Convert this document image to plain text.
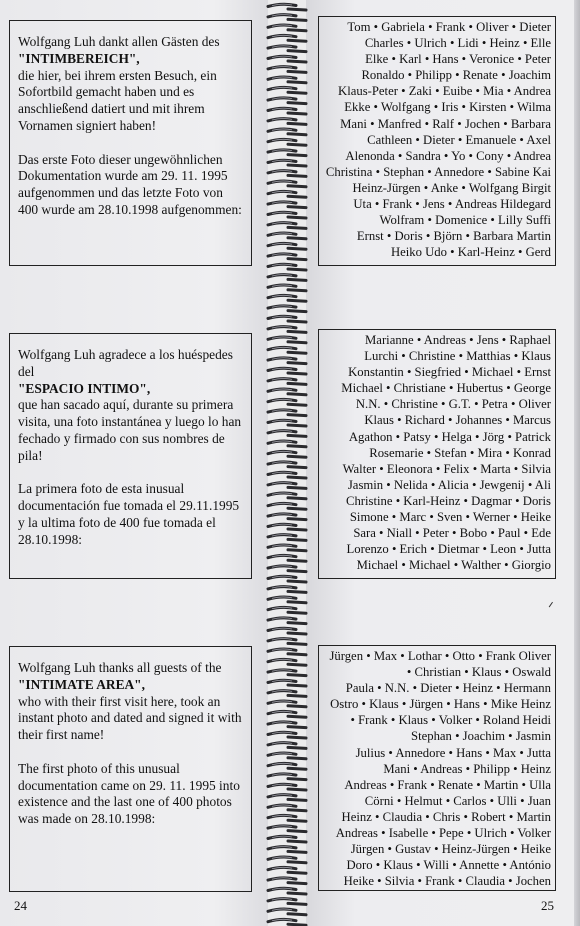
Wolfgang Luh dankt allen Gästen des
"INTIMBEREICH",
die hier, bei ihrem ersten Besuch, ein Sofortbild gemacht haben und es anschließend datiert und mit ihrem Vornamen signiert haben!

Das erste Foto dieser ungewöhnlichen Dokumentation wurde am 29. 11. 1995 aufgenommen und das letzte Foto von 400 wurde am 28.10.1998 aufgenommen:

Wolfgang Luh agradece a los huéspedes del
"ESPACIO INTIMO",
que han sacado aquí, durante su primera visita, una foto instantánea y luego lo han fechado y firmado con sus nombres de pila!

La primera foto de esta inusual documentación fue tomada el 29.11.1995 y la ultima foto de 400 fue tomada el 28.10.1998:

Wolfgang Luh thanks all guests of the
"INTIMATE AREA",
who with their first visit here, took an instant photo and dated and signed it with their first name!

The first photo of this unusual documentation came on 29. 11. 1995 into existence and the last one of 400 photos was made on 28.10.1998:

Tom • Gabriela • Frank • Oliver • Dieter
Charles • Ulrich • Lidi • Heinz • Elle
Elke • Karl • Hans • Veronice • Peter
Ronaldo • Philipp • Renate • Joachim
Klaus-Peter • Zaki • Euibe • Mia • Andrea
Ekke • Wolfgang • Iris • Kirsten • Wilma
Mani • Manfred • Ralf • Jochen • Barbara
Cathleen • Dieter • Emanuele • Axel
Alenonda • Sandra • Yo • Cony • Andrea
Christina • Stephan • Annedore • Sabine Kai
Heinz-Jürgen • Anke • Wolfgang Birgit
Uta • Frank • Jens • Andreas Hildegard
Wolfram • Domenice • Lilly Suffi
Ernst • Doris • Björn • Barbara Martin
Heiko Udo • Karl-Heinz • Gerd
Marianne • Andreas • Jens • Raphael
Lurchi • Christine • Matthias • Klaus
Konstantin • Siegfried • Michael • Ernst
Michael • Christiane • Hubertus • George
N.N. • Christine • G.T. • Petra • Oliver
Klaus • Richard • Johannes • Marcus
Agathon • Patsy • Helga • Jörg • Patrick
Rosemarie • Stefan • Mira • Konrad
Walter • Eleonora • Felix • Marta • Silvia
Jasmin • Nelida • Alicia • Jewgenij • Ali
Christine • Karl-Heinz • Dagmar • Doris
Simone • Marc • Sven • Werner • Heike
Sara • Niall • Peter • Bobo • Paul • Ede
Lorenzo • Erich • Dietmar • Leon • Jutta
Michael • Michael • Walther • Giorgio
Jürgen • Max • Lothar • Otto • Frank Oliver
• Christian • Klaus • Oswald
Paula • N.N. • Dieter • Heinz • Hermann
Ostro • Klaus • Jürgen • Hans • Mike Heinz
• Frank • Klaus • Volker • Roland Heidi
Stephan • Joachim • Jasmin
Julius • Annedore • Hans • Max • Jutta
Mani • Andreas • Philipp • Heinz
Andreas • Frank • Renate • Martin • Ulla
Cörni • Helmut • Carlos • Ulli • Juan
Heinz • Claudia • Chris • Robert • Martin
Andreas • Isabelle • Pepe • Ulrich • Volker
Jürgen • Gustav • Heinz-Jürgen • Heike
Doro • Klaus • Willi • Annette • António
Heike • Silvia • Frank • Claudia • Jochen
24	25
